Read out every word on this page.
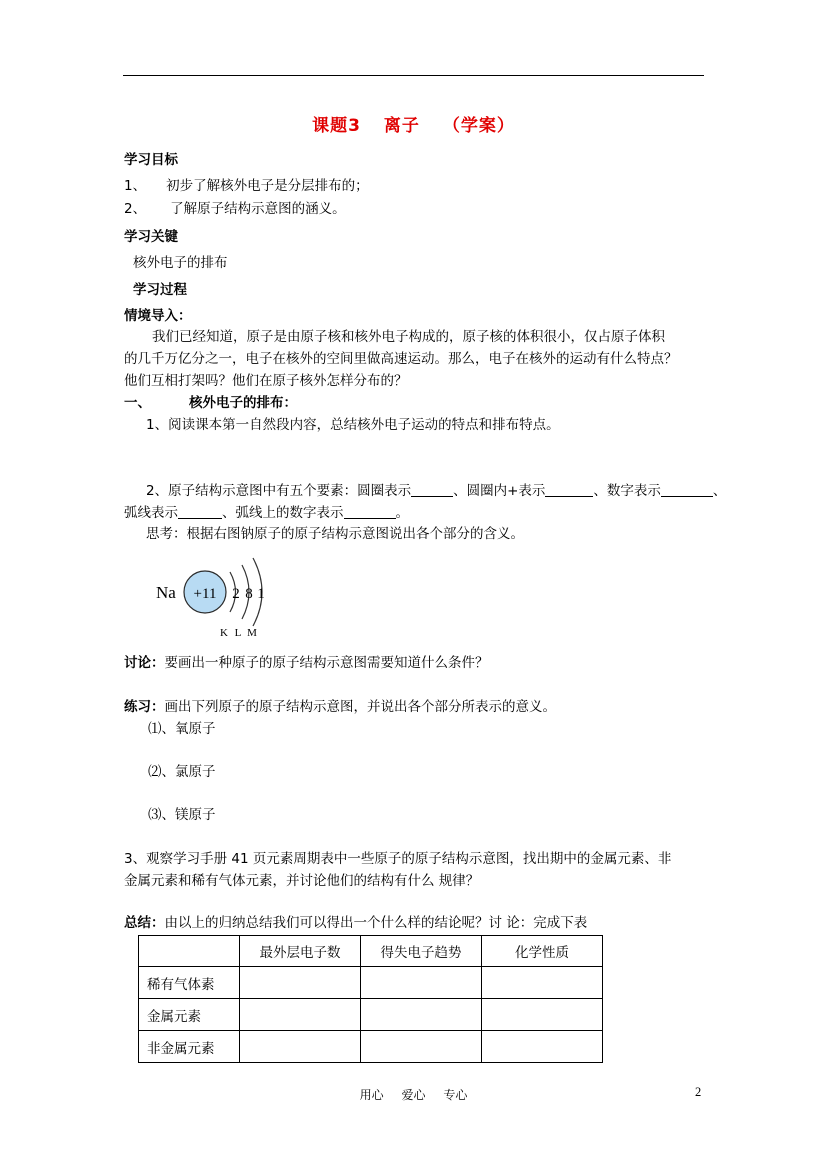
课题3 离子 （学案）
学习目标
1、 初步了解核外电子是分层排布的；
2、 了解原子结构示意图的涵义。
学习关键
核外电子的排布
学习过程
情境导入：
我们已经知道，原子是由原子核和核外电子构成的，原子核的体积很小，仅占原子体积
的几千万亿分之一，电子在核外的空间里做高速运动。那么，电子在核外的运动有什么特点？
他们互相打架吗？他们在原子核外怎样分布的？
一、	核外电子的排布：
1、阅读课本第一自然段内容，总结核外电子运动的特点和排布特点。
2、原子结构示意图中有五个要素：圆圈表示	、圆圈内+表示	、数字表示	、
弧线表示	、弧线上的数字表示	。
思考：根据右图钠原子的原子结构示意图说出各个部分的含义。
Na +11 2 8 1
K L M
讨论：要画出一种原子的原子结构示意图需要知道什么条件？
练习：画出下列原子的原子结构示意图，并说出各个部分所表示的意义。
⑴、氧原子
⑵、氯原子
⑶、镁原子
3、观察学习手册 41 页元素周期表中一些原子的原子结构示意图，找出期中的金属元素、非
金属元素和稀有气体元素，并讨论他们的结构有什么 规律？
总结：由以上的归纳总结我们可以得出一个什么样的结论呢？讨 论：完成下表
	最外层电子数	得失电子趋势	化学性质
稀有气体素			
金属元素			
非金属元素			
用心 爱心 专心	2
